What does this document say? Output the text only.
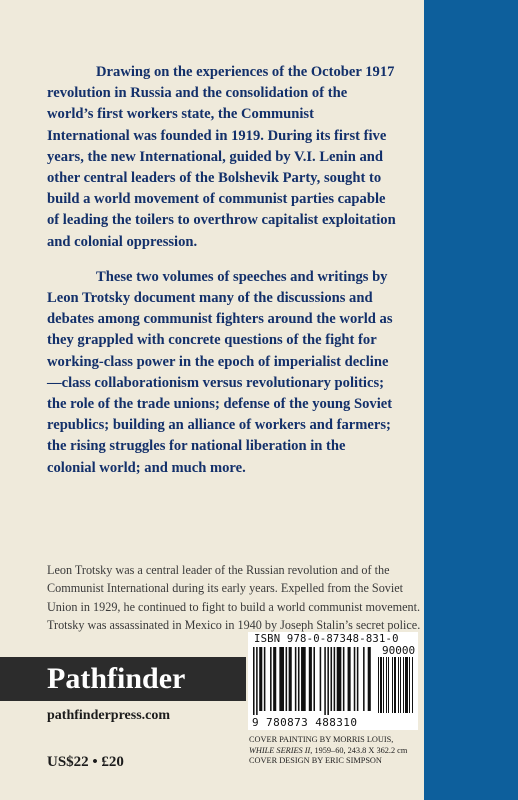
Drawing on the experiences of the October 1917 revolution in Russia and the consolidation of the world’s first workers state, the Communist International was founded in 1919. During its first five years, the new International, guided by V.I. Lenin and other central leaders of the Bolshevik Party, sought to build a world movement of communist parties capable of leading the toilers to overthrow capitalist exploitation and colonial oppression.

These two volumes of speeches and writings by Leon Trotsky document many of the discussions and debates among communist fighters around the world as they grappled with concrete questions of the fight for working-class power in the epoch of imperialist decline—class collaborationism versus revolutionary politics; the role of the trade unions; defense of the young Soviet republics; building an alliance of workers and farmers; the rising struggles for national liberation in the colonial world; and much more.

Leon Trotsky was a central leader of the Russian revolution and of the Communist International during its early years. Expelled from the Soviet Union in 1929, he continued to fight to build a world communist movement. Trotsky was assassinated in Mexico in 1940 by Joseph Stalin’s secret police.

Pathfinder
pathfinderpress.com
US$22 • £20
ISBN 978-0-87348-831-0
90000
9 780873 488310
COVER PAINTING BY MORRIS LOUIS,
WHILE SERIES II, 1959–60, 243.8 X 362.2 cm
COVER DESIGN BY ERIC SIMPSON
